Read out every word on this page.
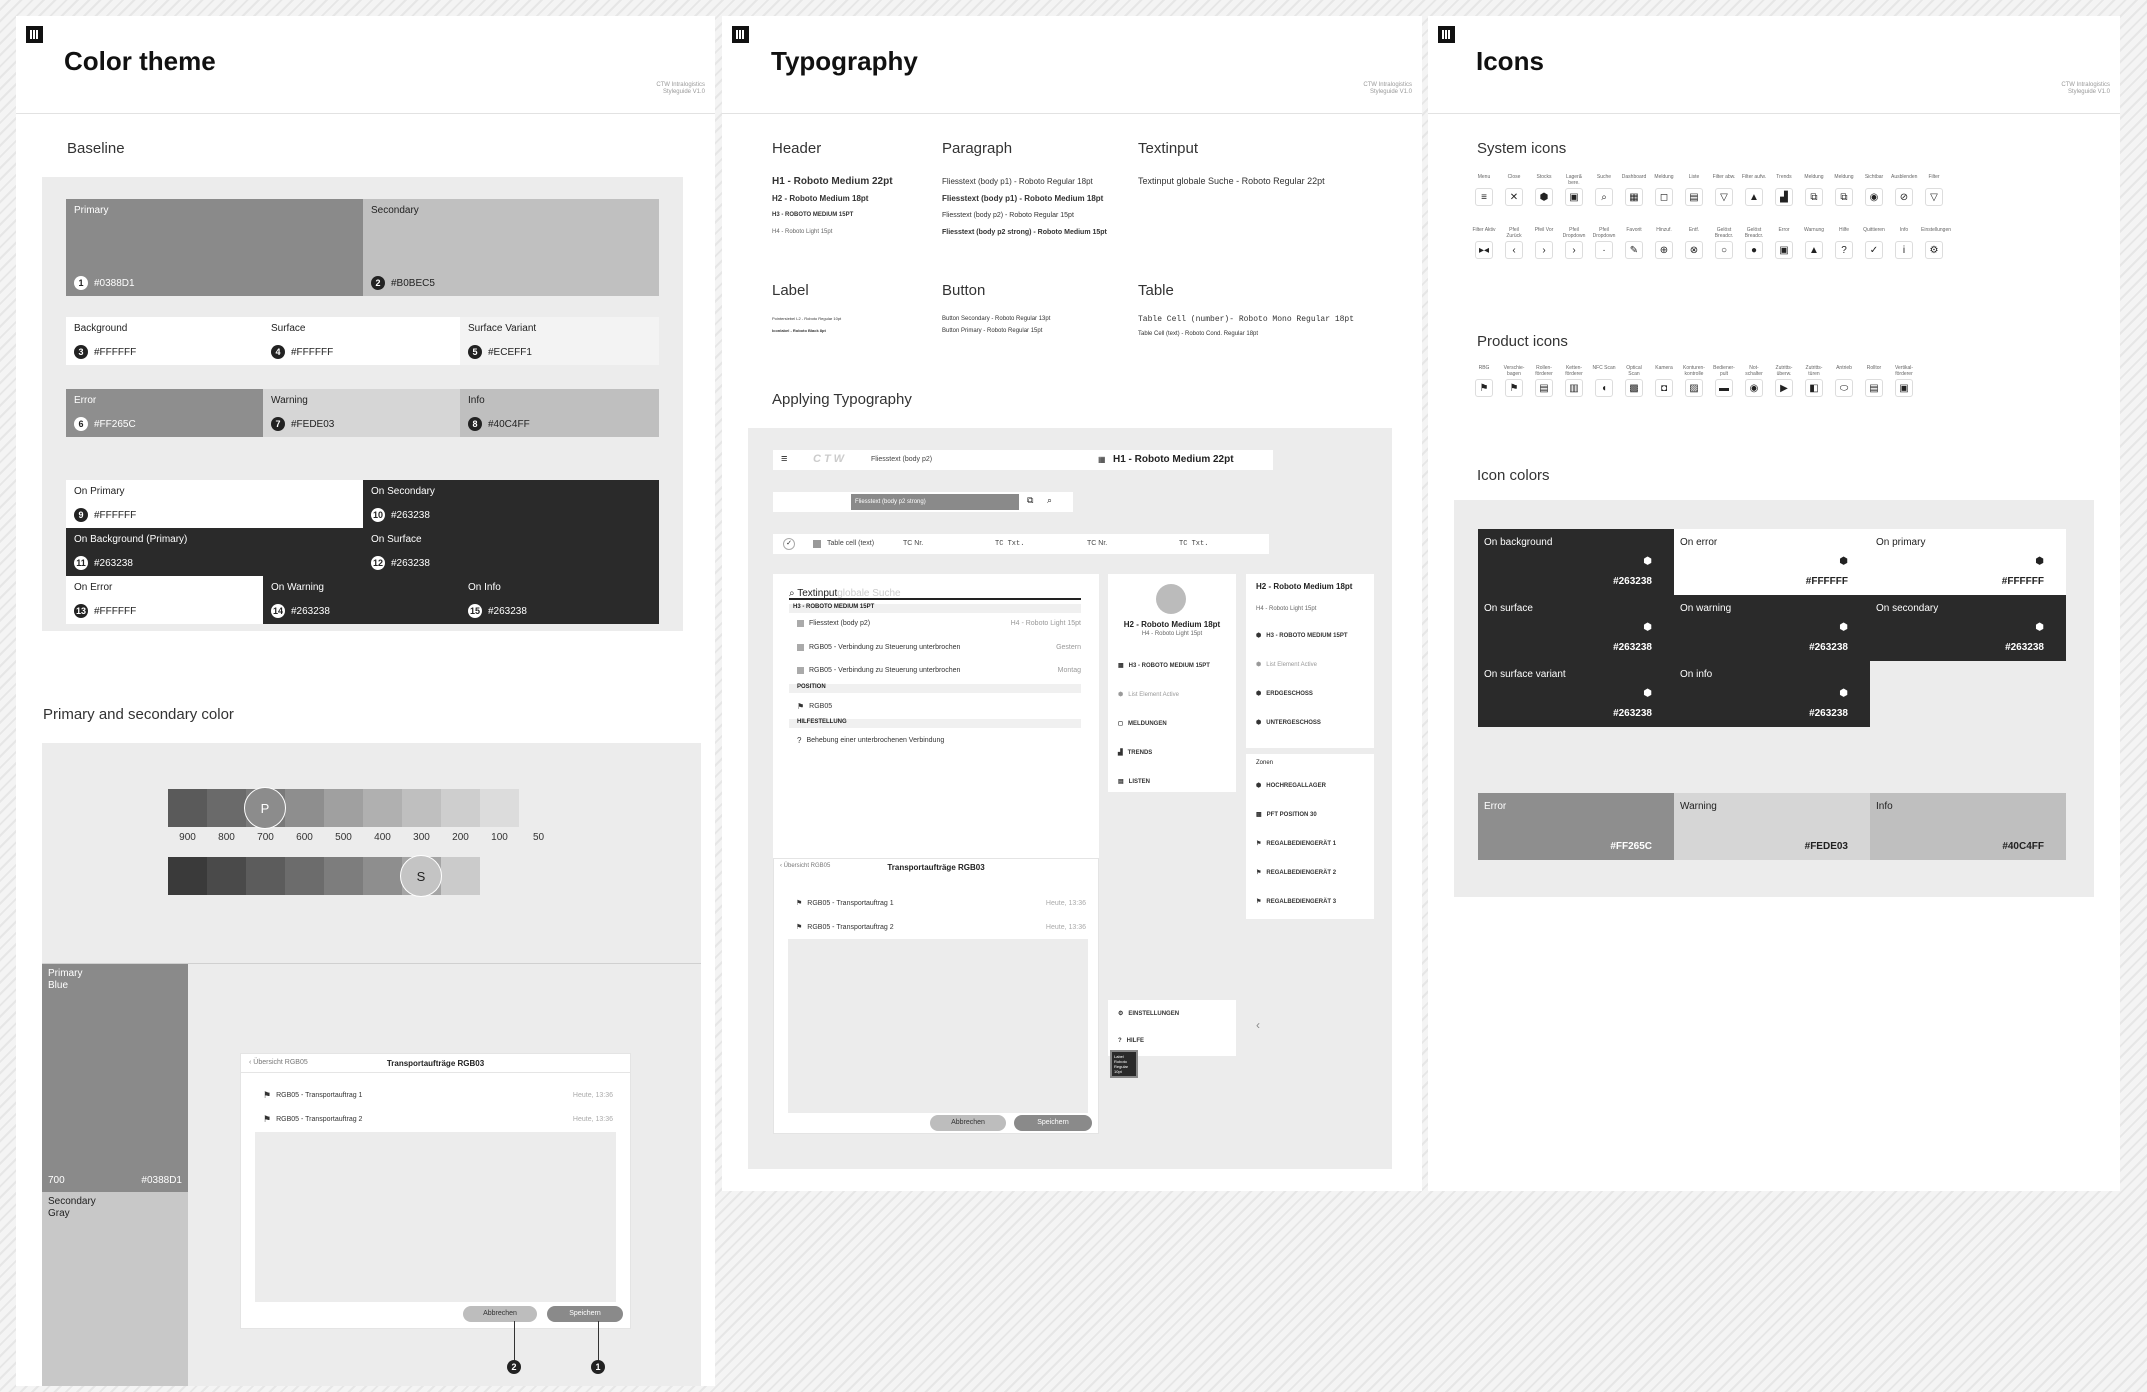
Color theme
CTW Intralogistics
Styleguide V1.0
Baseline
Primary
1	#0388D1
Secondary
2	#B0BEC5
Background
3	#FFFFFF
Surface
4	#FFFFFF
Surface Variant
5	#ECEFF1
Error
6	#FF265C
Warning
7	#FEDE03
Info
8	#40C4FF
On Primary
9	#FFFFFF
On Secondary
10 #263238
On Background (Primary)
11 #263238
On Surface
12 #263238
On Error
13 #FFFFFF
On Warning
14 #263238
On Info
15 #263238
Primary and secondary color
P
900	800	700	600	500	400	300	200	100	50
S
Primary
Blue
700	#0388D1
Secondary
Gray
‹ Übersicht RGB05	Transportaufträge RGB03
⚑ RGB05 - Transportauftrag 1	Heute, 13:36
⚑ RGB05 - Transportauftrag 2	Heute, 13:36
Abbrechen	Speichern
2	1
Typography
CTW Intralogistics
Styleguide V1.0
Header
H1 - Roboto Medium 22pt
H2 - Roboto Medium 18pt
H3 - ROBOTO MEDIUM 15PT
H4 - Roboto Light 15pt
Paragraph
Fliesstext (body p1) - Roboto Regular 18pt
Fliesstext (body p1) - Roboto Medium 18pt
Fliesstext (body p2) - Roboto Regular 15pt
Fliesstext (body p2 strong) - Roboto Medium 15pt
Textinput
Textinput globale Suche - Roboto Regular 22pt
Label
Pointersiebel L2 - Roboto Regular 10pt
Iconlabel - Roboto Black 8pt
Button
Button Secondary - Roboto Regular 13pt
Button Primary - Roboto Regular 15pt
Table
Table Cell (number)- Roboto Mono Regular 18pt
Table Cell (text) - Roboto Cond. Regular 18pt
Applying Typography
≡ CTW	Fliesstext (body p2)	▦ H1 - Roboto Medium 22pt
Fliesstext (body p2 strong)	⧉ ⌕
✓	Table cell (text)	TC Nr.	TC Txt.	TC Nr.	TC Txt.
⌕ Textinputglobale Suche
H3 - ROBOTO MEDIUM 15PT
Fliesstext (body p2)	H4 - Roboto Light 15pt
RGB05 - Verbindung zu Steuerung unterbrochen	Gestern
RGB05 - Verbindung zu Steuerung unterbrochen	Montag
POSITION
⚑ RGB05
HILFESTELLUNG
? Behebung einer unterbrochenen Verbindung
‹ Übersicht RGB05	Transportaufträge RGB03
⚑ RGB05 - Transportauftrag 1	Heute, 13:36
⚑ RGB05 - Transportauftrag 2	Heute, 13:36
Abbrechen	Speichern
H2 - Roboto Medium 18pt
H4 - Roboto Light 15pt
▦ H3 - ROBOTO MEDIUM 15PT
⬢ List Element Active
◻ MELDUNGEN
▟ TRENDS
▤ LISTEN
⚙ EINSTELLUNGEN
? HILFE
‹
Label
Roboto
Regular
10pt
H2 - Roboto Medium 18pt
H4 - Roboto Light 15pt
⬢ H3 - ROBOTO MEDIUM 15PT
⬢ List Element Active
⬢ ERDGESCHOSS
⬢ UNTERGESCHOSS
Zonen
⬢ HOCHREGALLAGER
▩ PFT POSITION 30
⚑ REGALBEDIENGERÄT 1
⚑ REGALBEDIENGERÄT 2
⚑ REGALBEDIENGERÄT 3
Icons
CTW Intralogistics
Styleguide V1.0
System icons
Menu
≡
Close
✕
Stocks
⬢
Lager& bere.
▣
Suche
⌕
Dashboard
▦
Meldung
◻
Liste
▤
Filter abw.
▽
Filter aufw.
▲
Trends
▟
Meldung
⧉
Meldung
⧉
Sichtbar
◉
Ausblenden
⊘
Filter
▽
Filter Aktiv
▸◂
Pfeil Zurück
‹
Pfeil Vor
›
Pfeil Dropdown
›
Pfeil Dropdown
·
Favorit
✎
Hinzuf.
⊕
Entf.
⊗
Gelöst Breadcr.
○
Gelöst Breadcr.
●
Error
▣
Warnung
▲
Hilfe
?
Quittieren
✓
Info
i
Einstellungen
⚙
Product icons
RBG
⚑
Verschie-bagen
⚑
Rollen-förderer
▤
Ketten-förderer
▥
NFC Scan
◖
Optical Scan
▩
Kamera
◘
Konturen-kontrolle
▨
Bediener-pult
▬
Not-schalter
◉
Zutritts-überw.
▶
Zutritts-türen
◧
Antrieb
⬭
Rolltor
▤
Vertikal-förderer
▣
Icon colors
On background
⬢
#263238
On error
⬢
#FFFFFF
On primary
⬢
#FFFFFF
On surface
⬢
#263238
On warning
⬢
#263238
On secondary
⬢
#263238
On surface variant
⬢
#263238
On info
⬢
#263238
Error
#FF265C
Warning
#FEDE03
Info
#40C4FF
